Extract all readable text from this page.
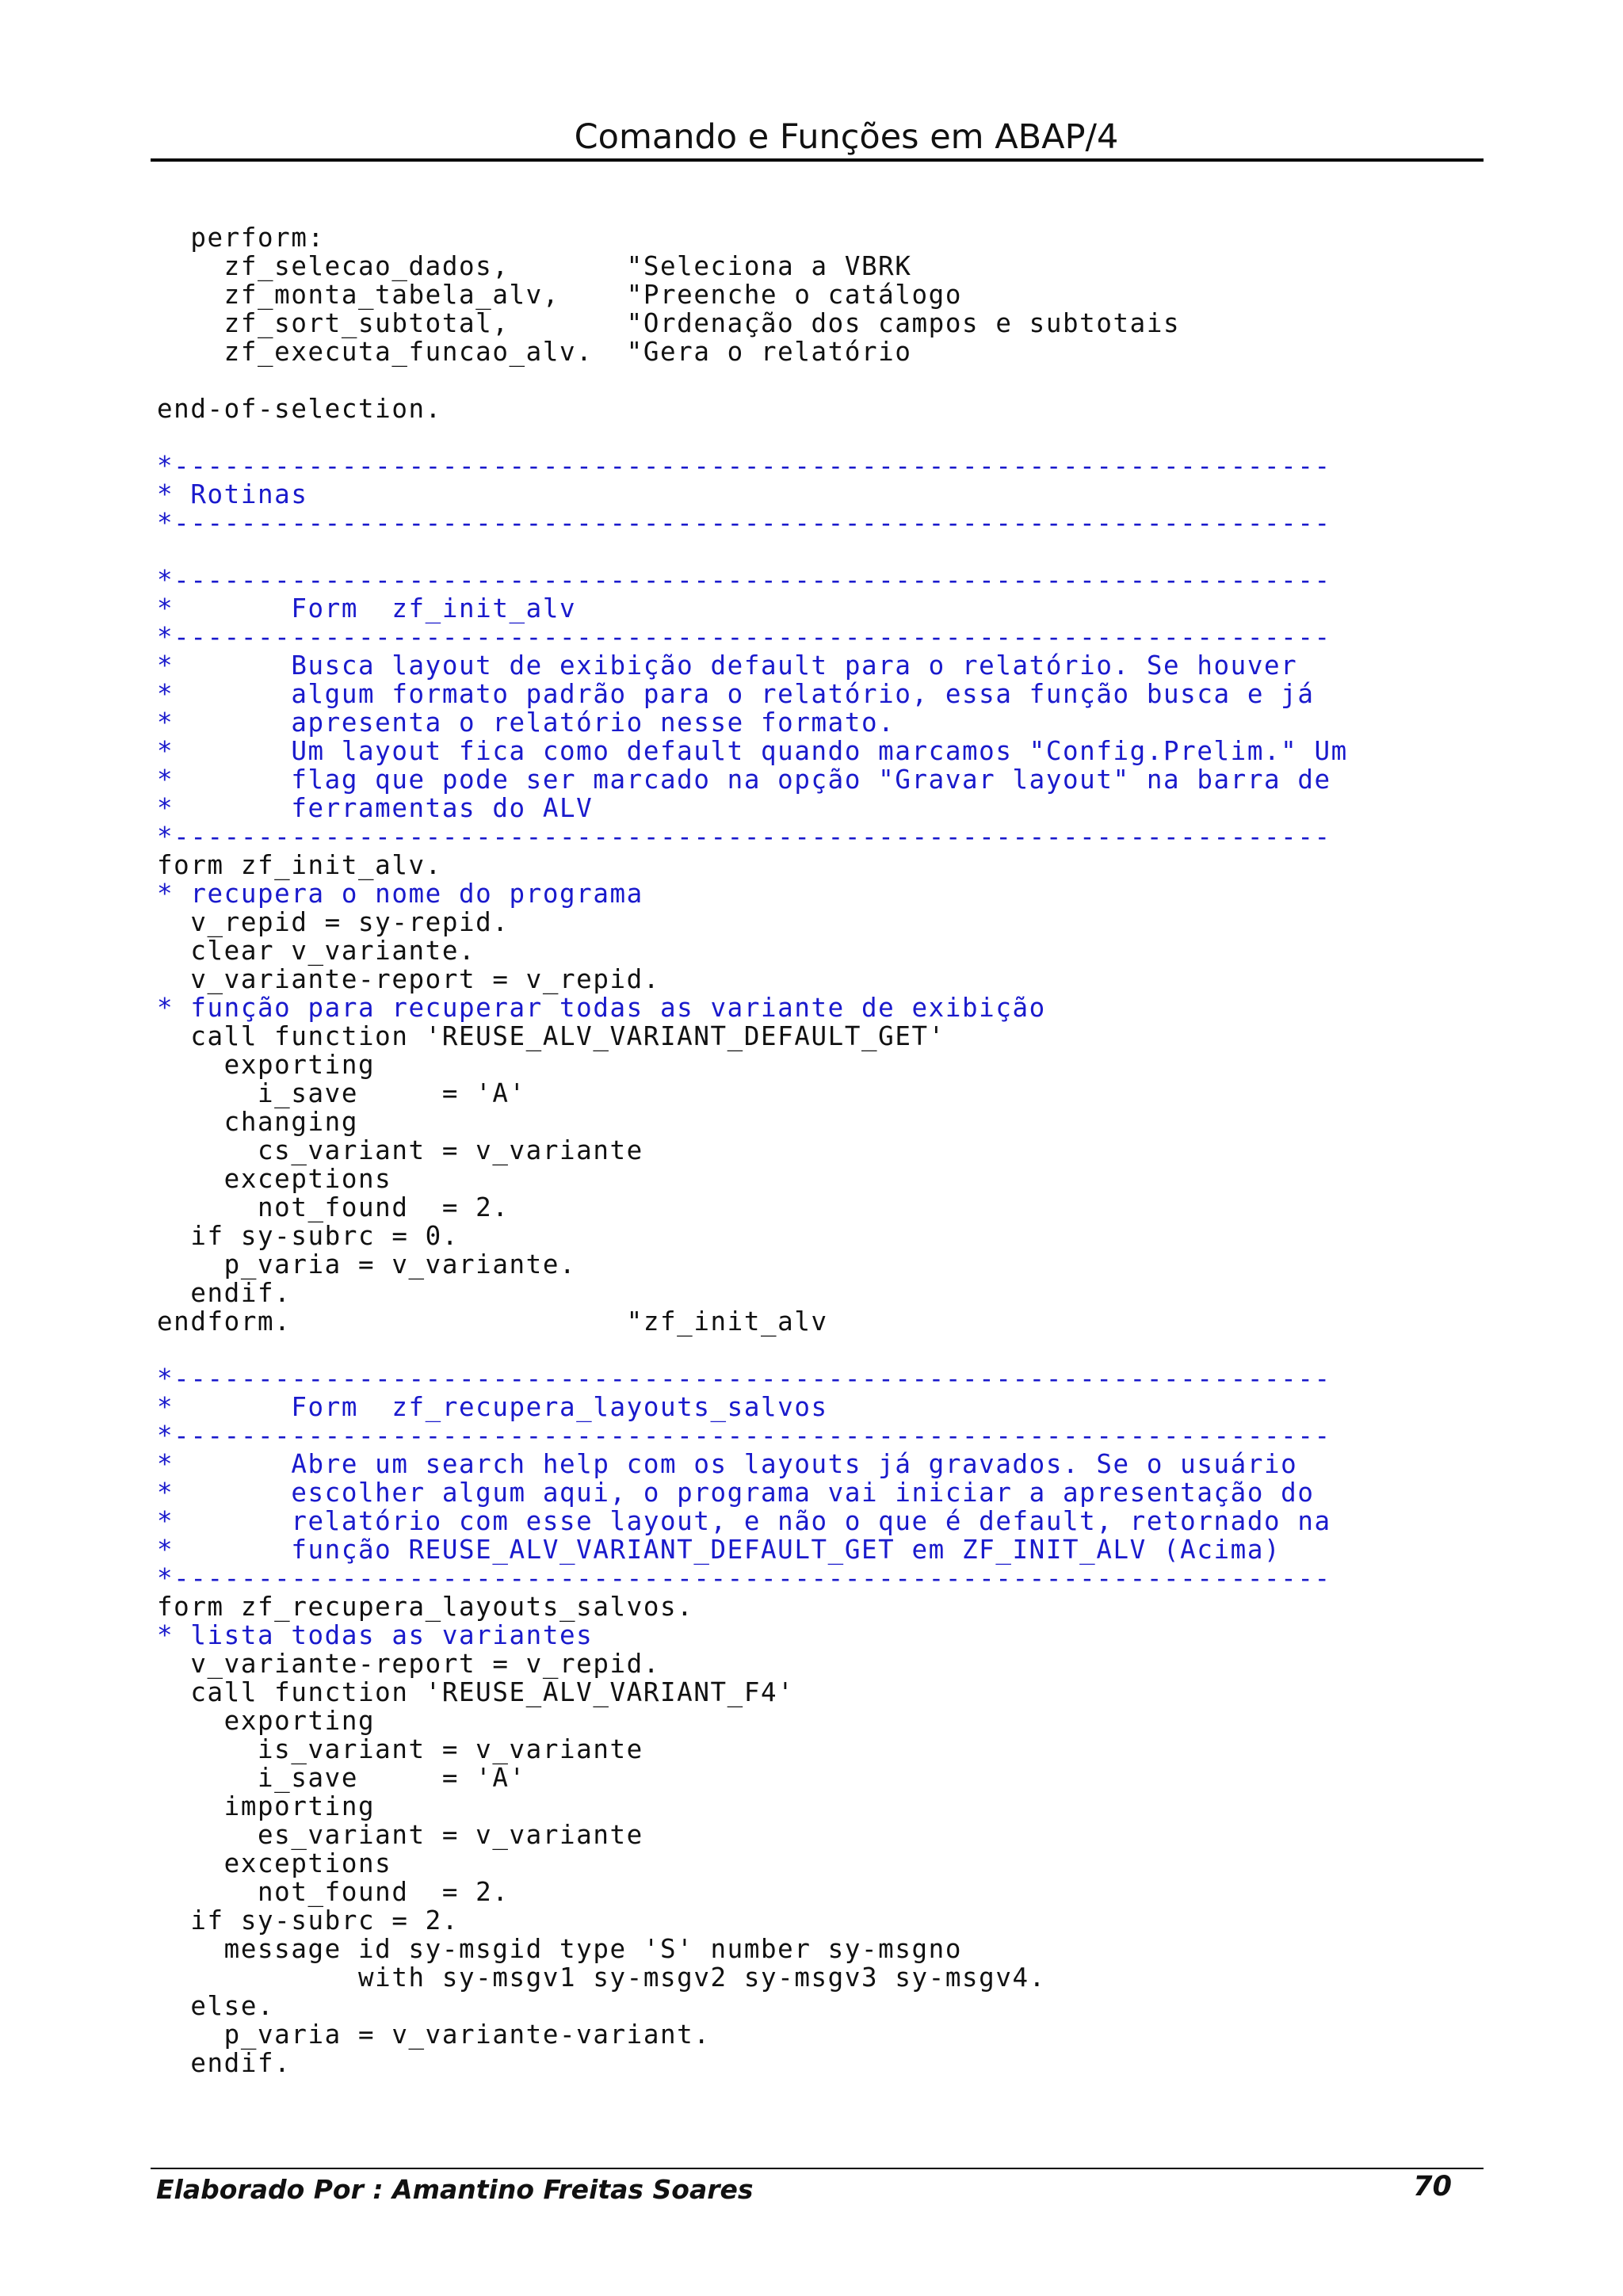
Comando e Funções em ABAP/4
perform:
zf_selecao_dados,       "Seleciona a VBRK
zf_monta_tabela_alv,    "Preenche o catálogo
zf_sort_subtotal,       "Ordenação dos campos e subtotais
zf_executa_funcao_alv.  "Gera o relatório
end-of-selection.
*---------------------------------------------------------------------
* Rotinas
*---------------------------------------------------------------------
*---------------------------------------------------------------------
*       Form  zf_init_alv
*---------------------------------------------------------------------
*       Busca layout de exibição default para o relatório. Se houver
*       algum formato padrão para o relatório, essa função busca e já
*       apresenta o relatório nesse formato.
*       Um layout fica como default quando marcamos "Config.Prelim." Um
*       flag que pode ser marcado na opção "Gravar layout" na barra de
*       ferramentas do ALV
*---------------------------------------------------------------------
form zf_init_alv.
* recupera o nome do programa
v_repid = sy-repid.
clear v_variante.
v_variante-report = v_repid.
* função para recuperar todas as variante de exibição
call function 'REUSE_ALV_VARIANT_DEFAULT_GET'
exporting
i_save     = 'A'
changing
cs_variant = v_variante
exceptions
not_found  = 2.
if sy-subrc = 0.
p_varia = v_variante.
endif.
endform.                    "zf_init_alv
*---------------------------------------------------------------------
*       Form  zf_recupera_layouts_salvos
*---------------------------------------------------------------------
*       Abre um search help com os layouts já gravados. Se o usuário
*       escolher algum aqui, o programa vai iniciar a apresentação do
*       relatório com esse layout, e não o que é default, retornado na
*       função REUSE_ALV_VARIANT_DEFAULT_GET em ZF_INIT_ALV (Acima)
*---------------------------------------------------------------------
form zf_recupera_layouts_salvos.
* lista todas as variantes
v_variante-report = v_repid.
call function 'REUSE_ALV_VARIANT_F4'
exporting
is_variant = v_variante
i_save     = 'A'
importing
es_variant = v_variante
exceptions
not_found  = 2.
if sy-subrc = 2.
message id sy-msgid type 'S' number sy-msgno
with sy-msgv1 sy-msgv2 sy-msgv3 sy-msgv4.
else.
p_varia = v_variante-variant.
endif.
Elaborado Por : Amantino Freitas Soares	70
